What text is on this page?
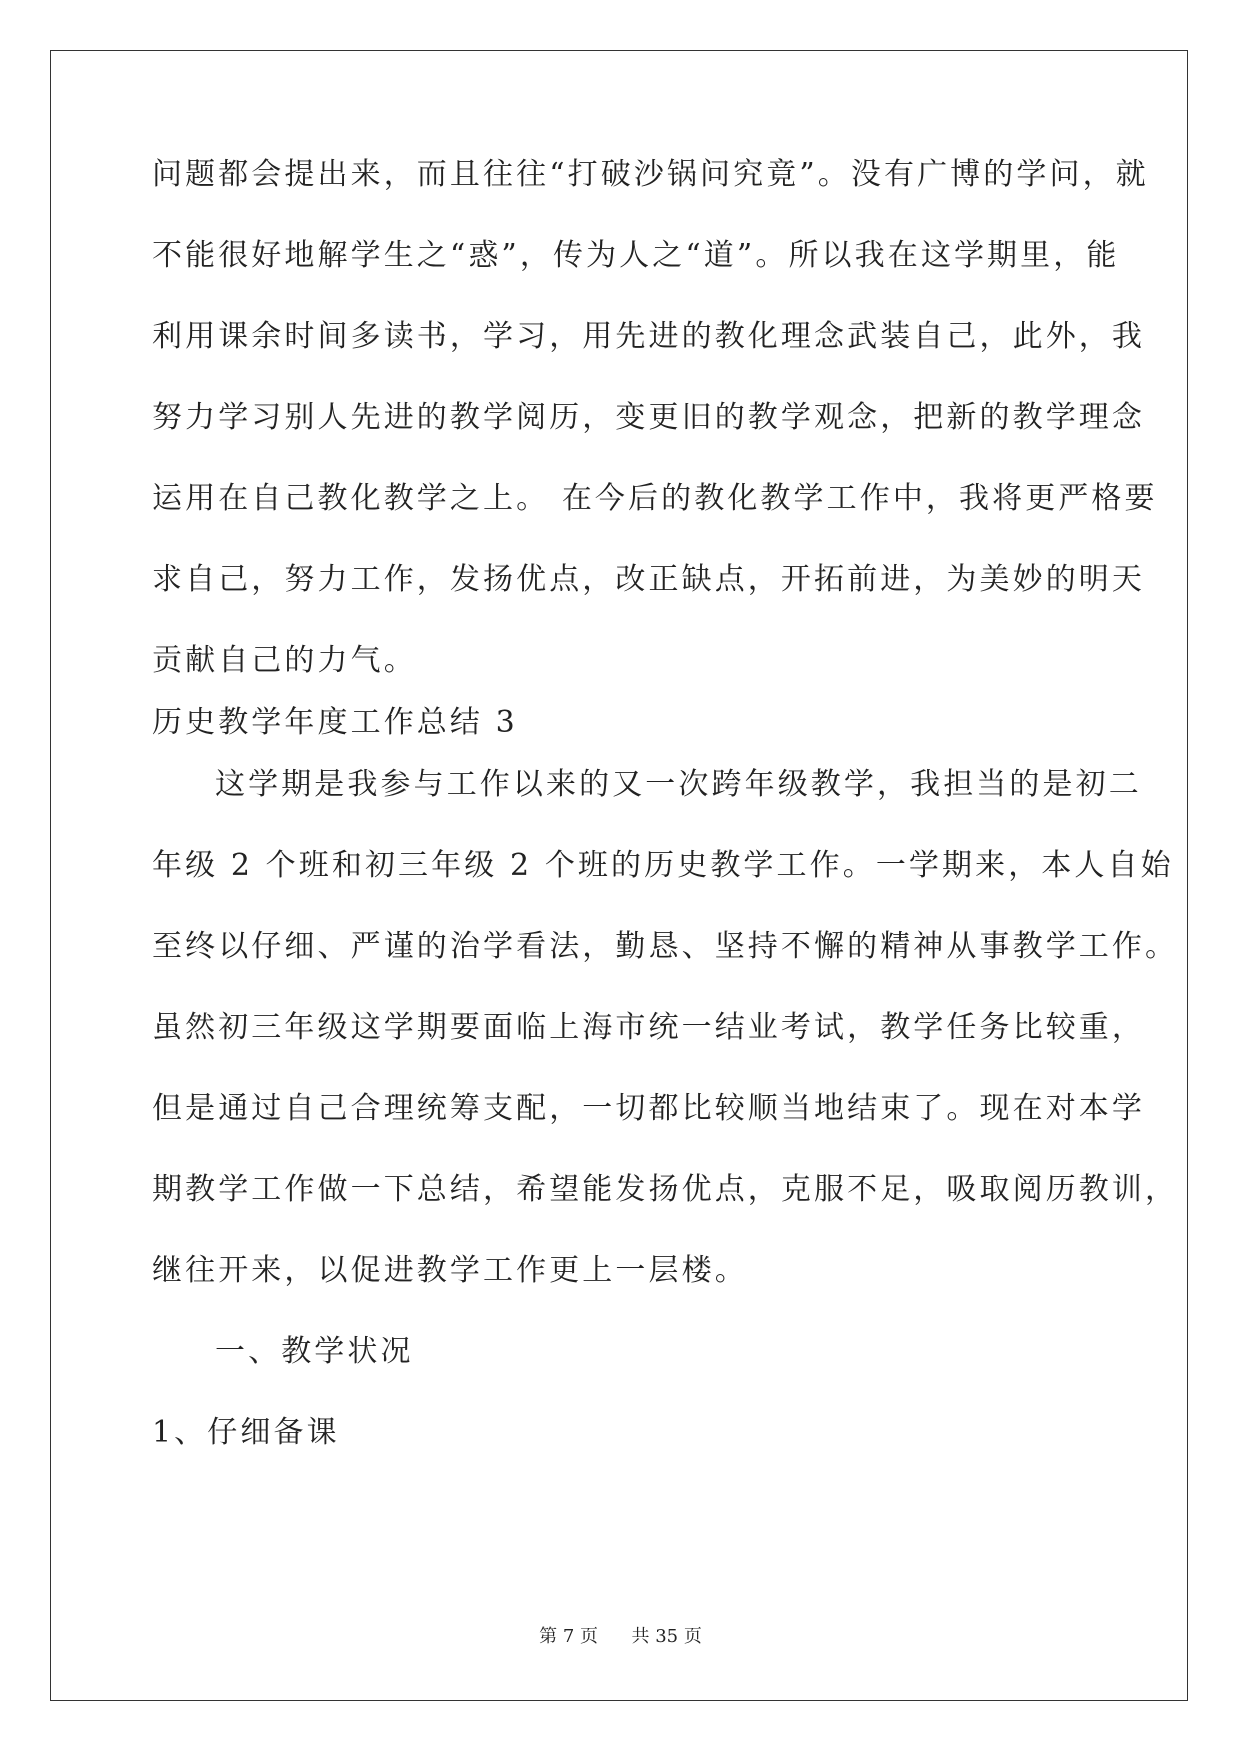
问题都会提出来，而且往往“打破沙锅问究竟”。没有广博的学问，就
不能很好地解学生之“惑”，传为人之“道”。所以我在这学期里，能
利用课余时间多读书，学习，用先进的教化理念武装自己，此外，我
努力学习别人先进的教学阅历，变更旧的教学观念，把新的教学理念
运用在自己教化教学之上。 在今后的教化教学工作中，我将更严格要
求自己，努力工作，发扬优点，改正缺点，开拓前进，为美妙的明天
贡献自己的力气。
历史教学年度工作总结 3
这学期是我参与工作以来的又一次跨年级教学，我担当的是初二
年级 2 个班和初三年级 2 个班的历史教学工作。一学期来，本人自始
至终以仔细、严谨的治学看法，勤恳、坚持不懈的精神从事教学工作。
虽然初三年级这学期要面临上海市统一结业考试，教学任务比较重，
但是通过自己合理统筹支配，一切都比较顺当地结束了。现在对本学
期教学工作做一下总结，希望能发扬优点，克服不足，吸取阅历教训，
继往开来，以促进教学工作更上一层楼。
一、教学状况
1、仔细备课
第 7 页 共 35 页
